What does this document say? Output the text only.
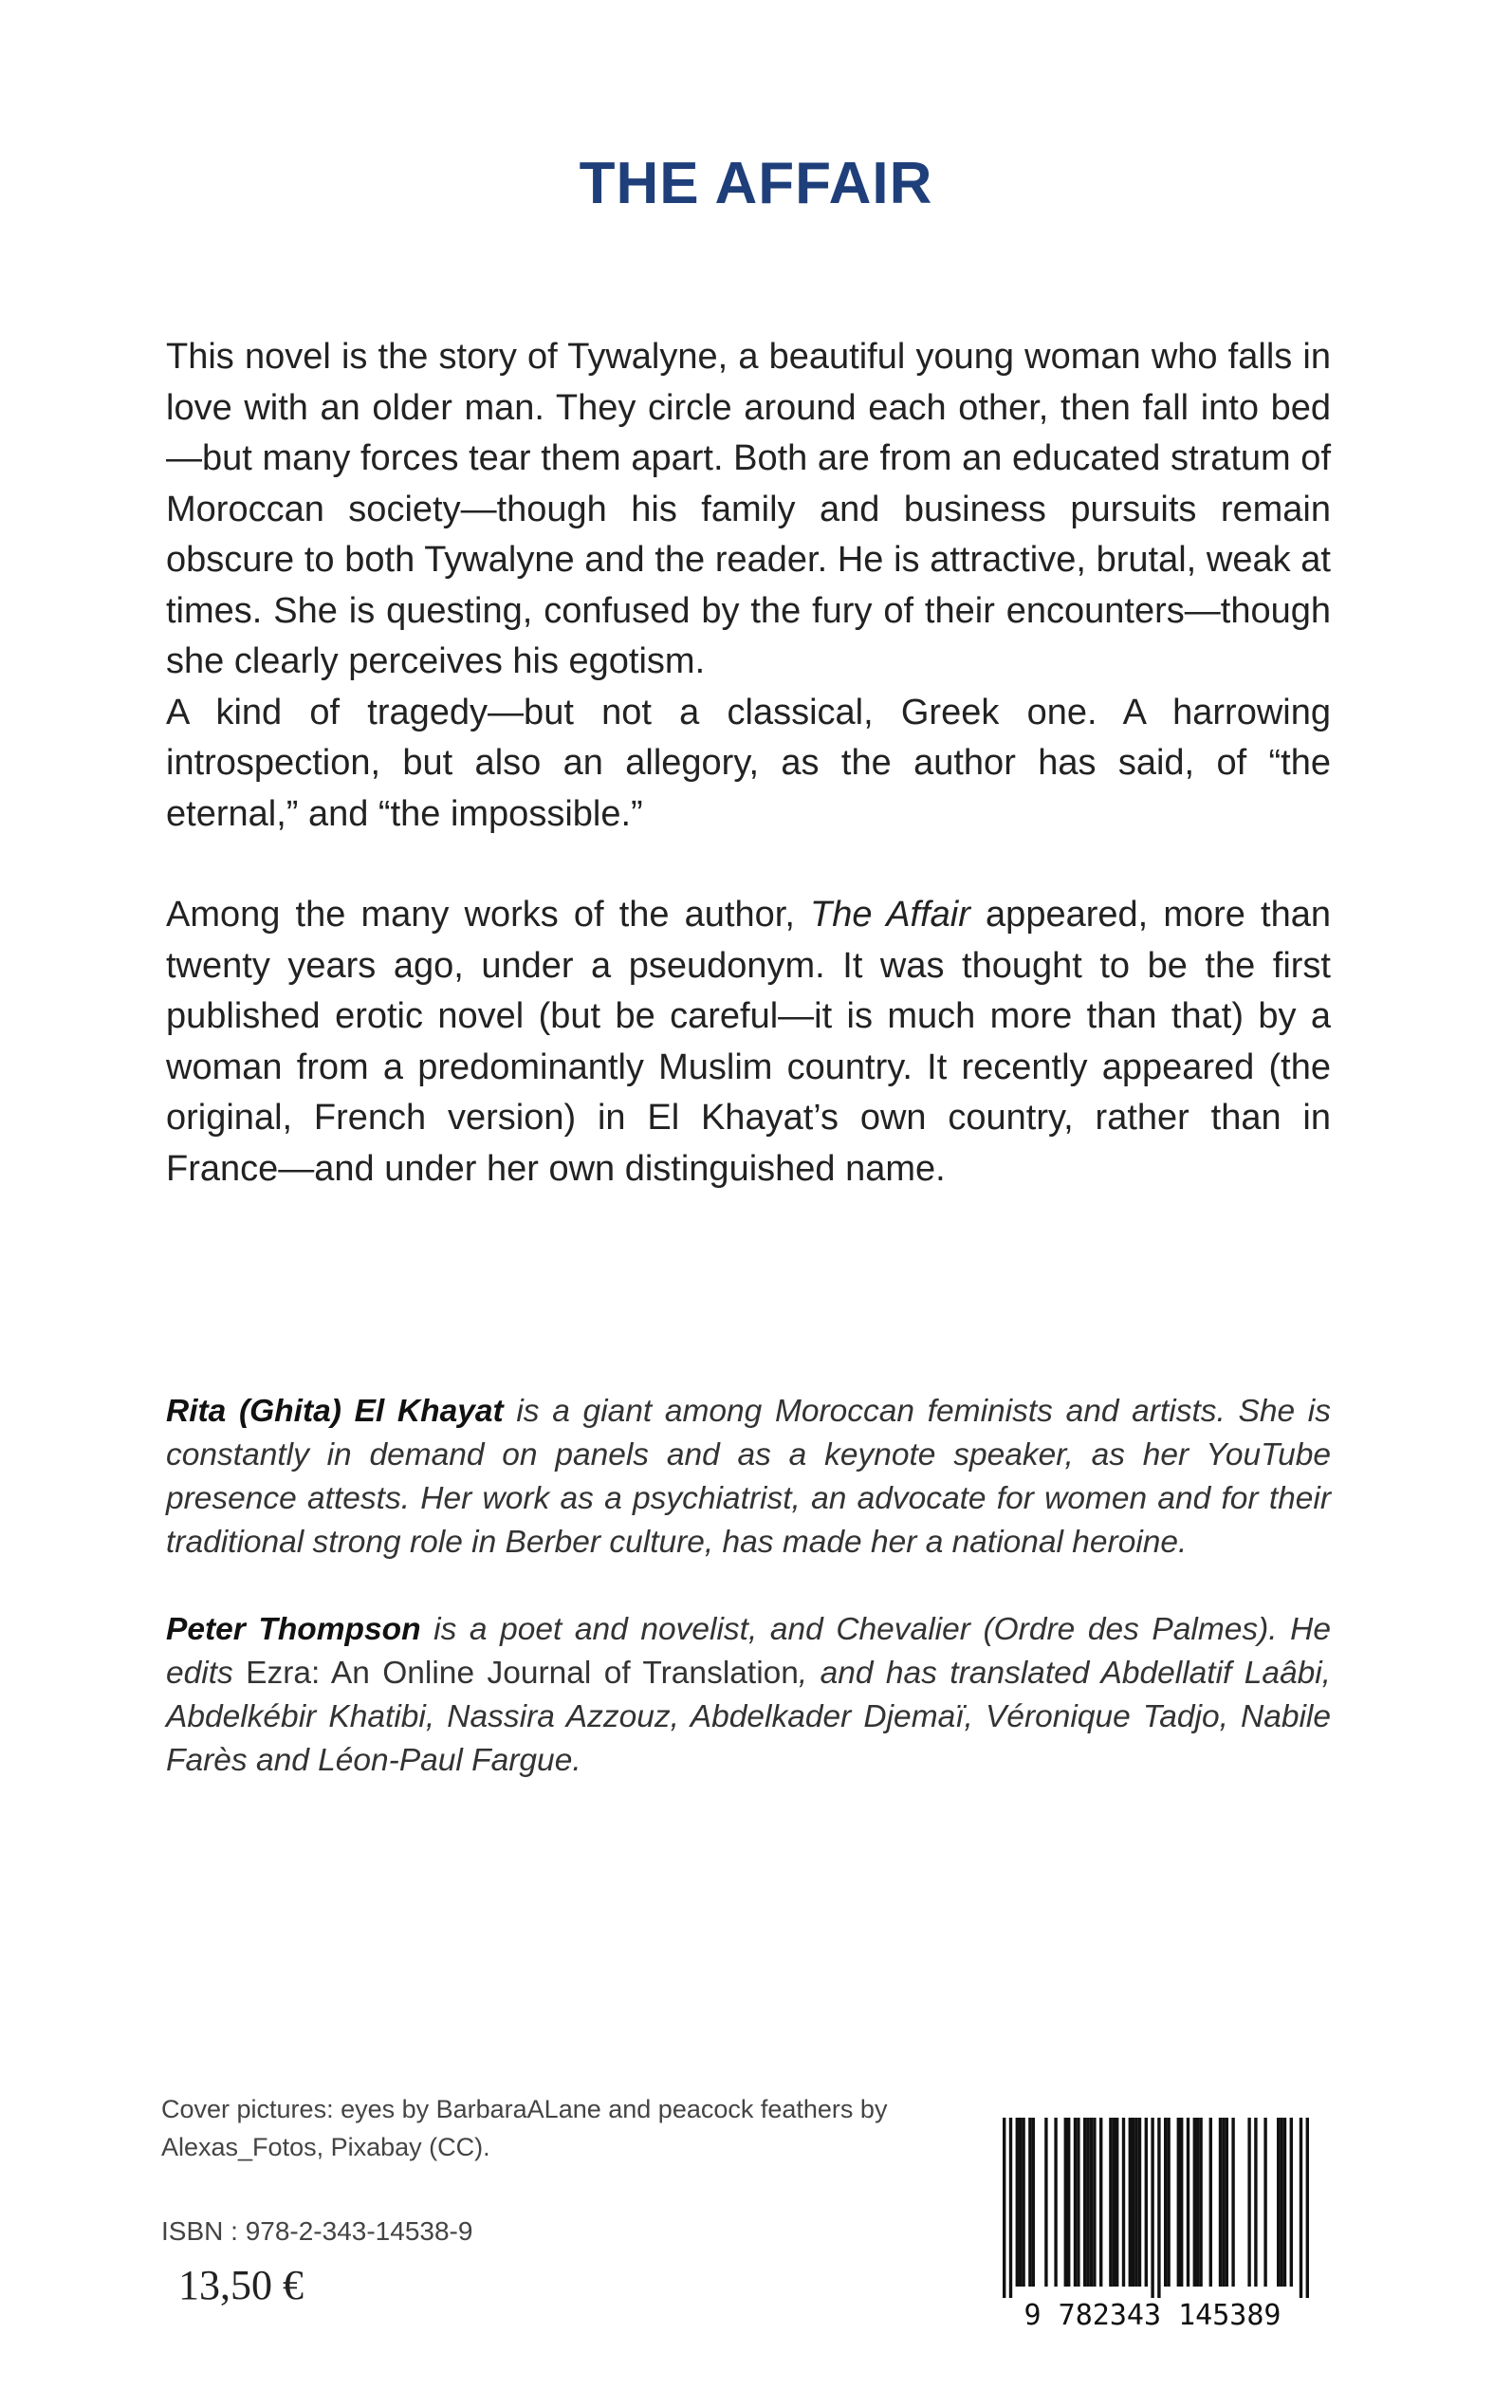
THE AFFAIR

This novel is the story of Tywalyne, a beautiful young woman who falls in love with an older man. They circle around each other, then fall into bed—but many forces tear them apart. Both are from an educated stratum of Moroccan society—though his family and business pursuits remain obscure to both Tywalyne and the reader. He is attractive, brutal, weak at times. She is questing, confused by the fury of their encounters—though she clearly perceives his egotism.

A kind of tragedy—but not a classical, Greek one. A harrowing introspection, but also an allegory, as the author has said, of “the eternal,” and “the impossible.”

Among the many works of the author, The Affair appeared, more than twenty years ago, under a pseudonym. It was thought to be the first published erotic novel (but be careful—it is much more than that) by a woman from a predominantly Muslim country. It recently appeared (the original, French version) in El Khayat’s own country, rather than in France—and under her own distinguished name.

Rita (Ghita) El Khayat is a giant among Moroccan feminists and artists. She is constantly in demand on panels and as a keynote speaker, as her YouTube presence attests. Her work as a psychiatrist, an advocate for women and for their traditional strong role in Berber culture, has made her a national heroine.

Peter Thompson is a poet and novelist, and Chevalier (Ordre des Palmes). He edits Ezra: An Online Journal of Translation, and has translated Abdellatif Laâbi, Abdelkébir Khatibi, Nassira Azzouz, Abdelkader Djemaï, Véronique Tadjo, Nabile Farès and Léon-Paul Fargue.

Cover pictures: eyes by BarbaraALane and peacock feathers by Alexas_Fotos, Pixabay (CC).
ISBN : 978-2-343-14538-9
13,50 €
9 782343 145389
